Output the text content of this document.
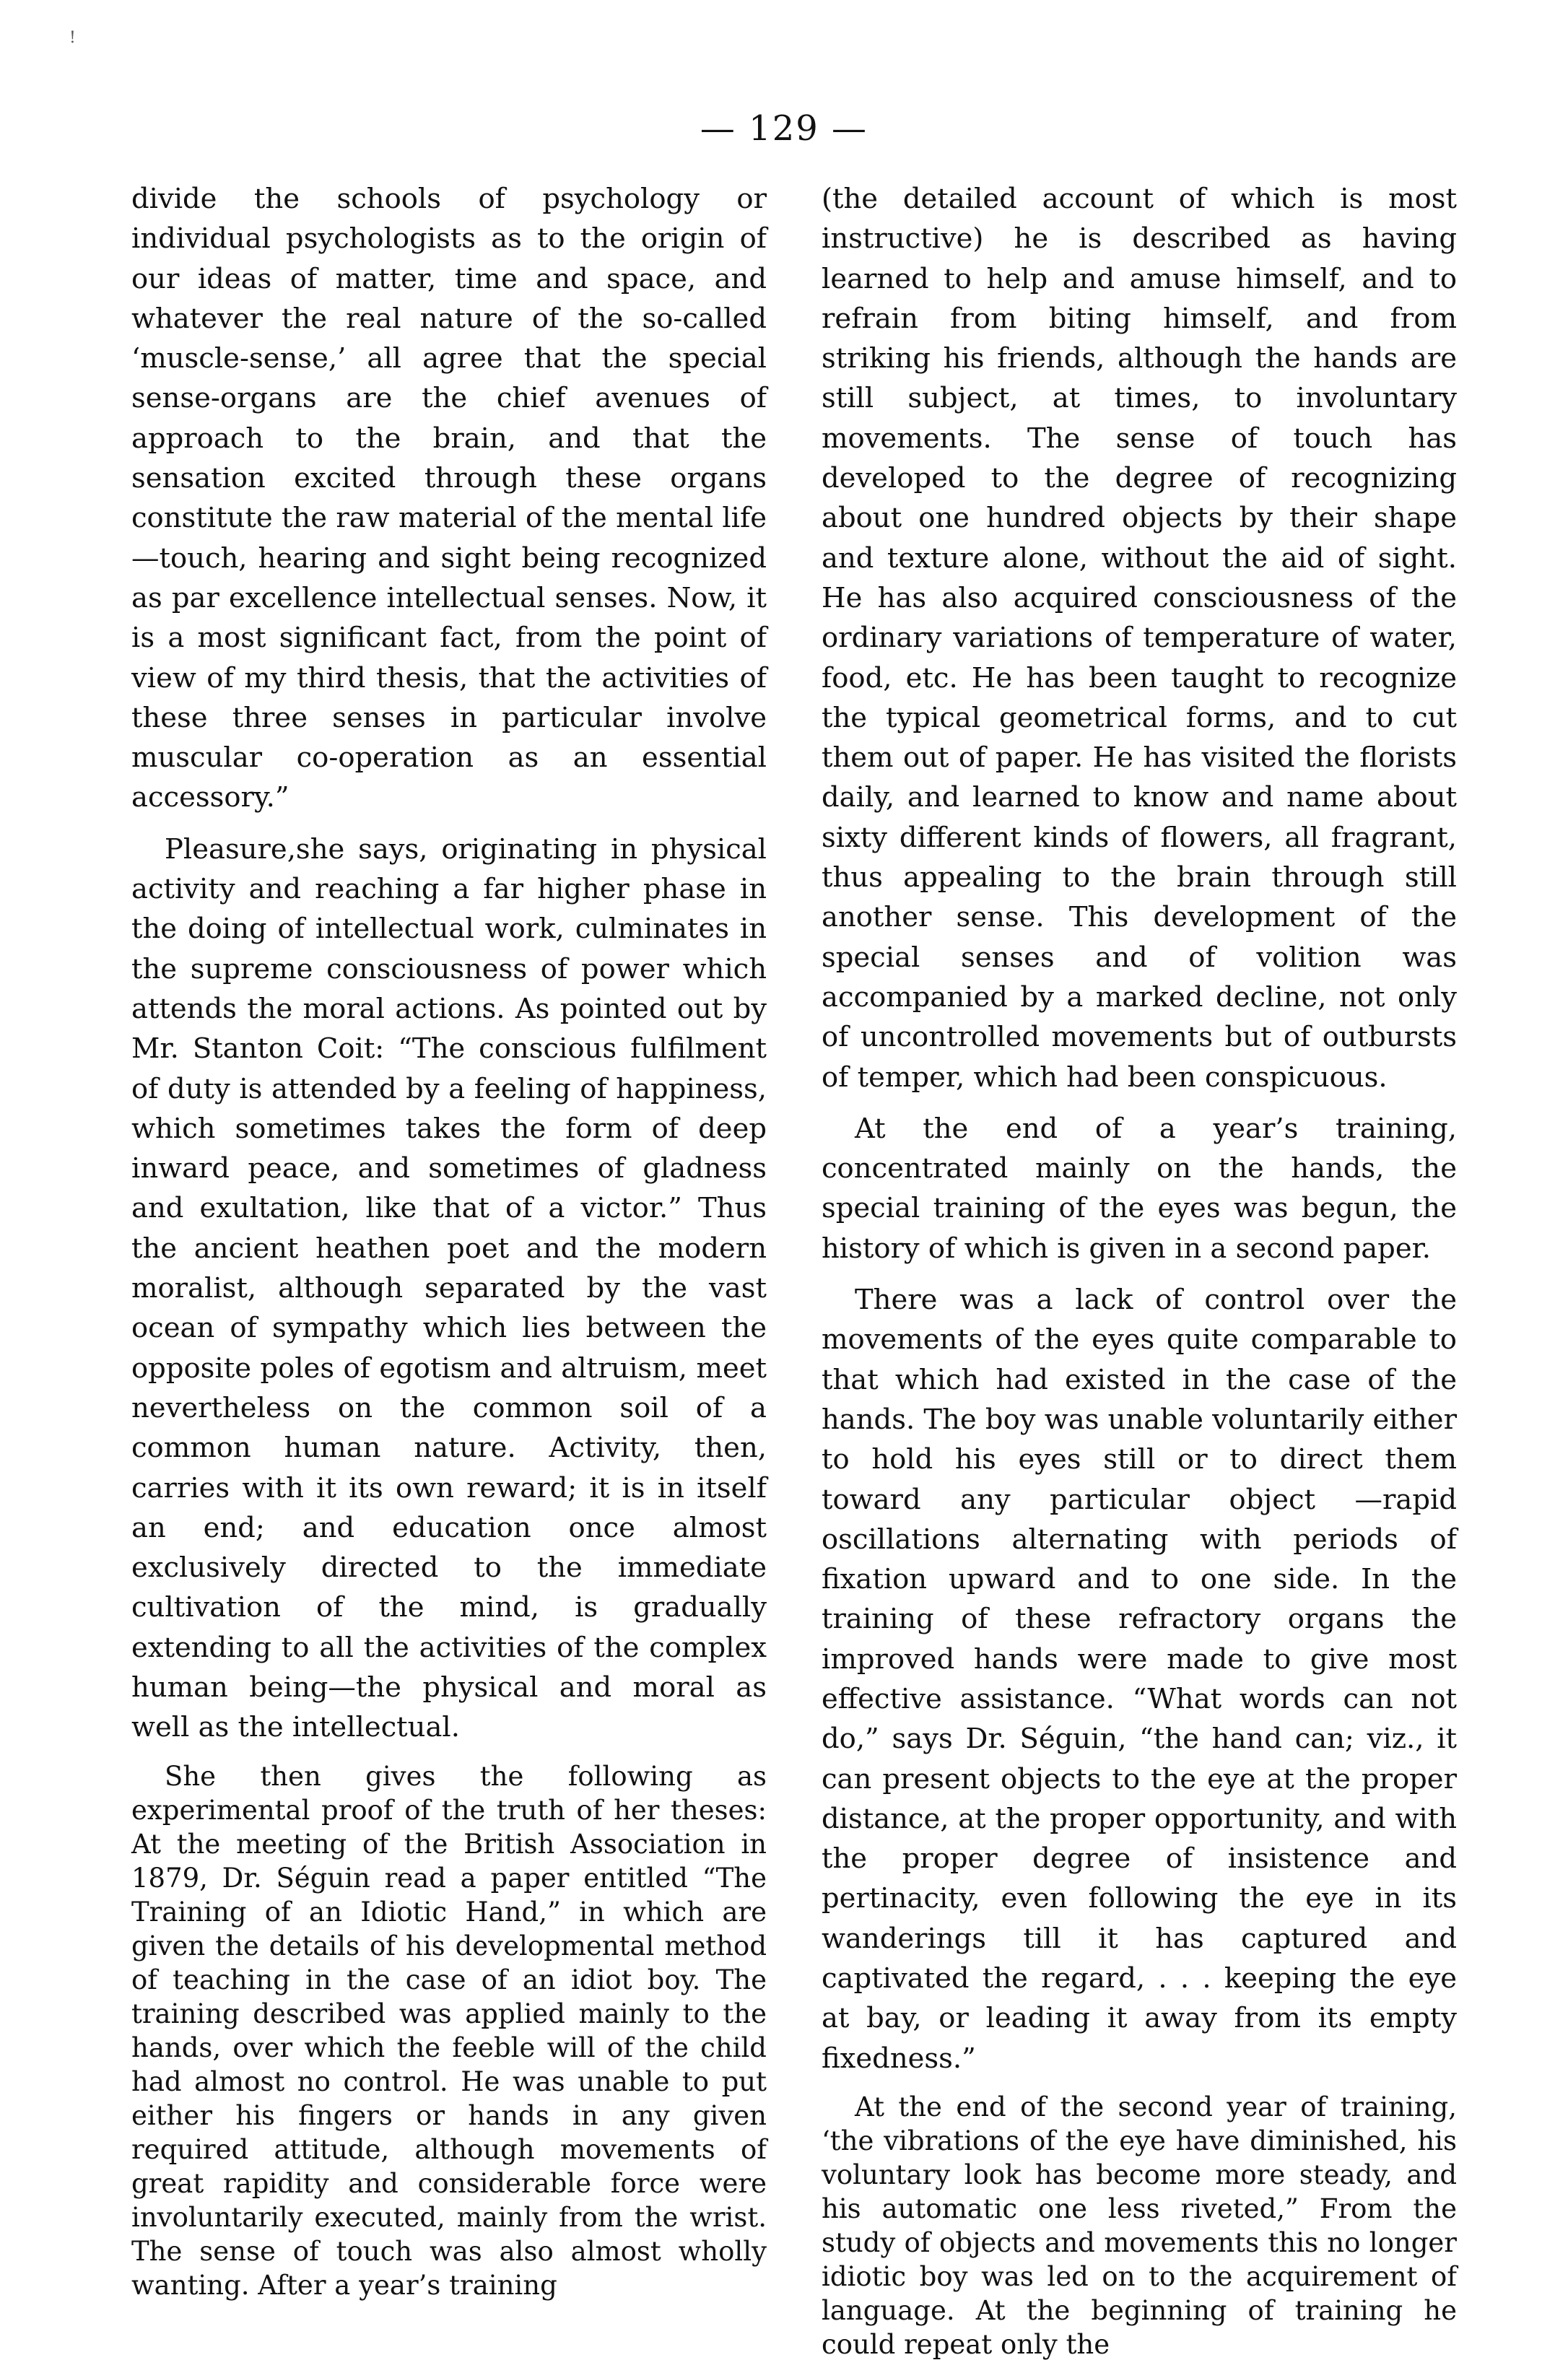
!
— 129 —

divide the schools of psychology or individual psychologists as to the origin of our ideas of matter, time and space, and whatever the real nature of the so-called ‘muscle-sense,’ all agree that the special sense-organs are the chief avenues of approach to the brain, and that the sensation excited through these organs constitute the raw material of the mental life—touch, hearing and sight being recognized as par excellence intellectual senses. Now, it is a most significant fact, from the point of view of my third thesis, that the activities of these three senses in particular involve muscular co-operation as an essential accessory.”

Pleasure,she says, originating in physical activity and reaching a far higher phase in the doing of intellectual work, culminates in the supreme consciousness of power which attends the moral actions. As pointed out by Mr. Stanton Coit: “The conscious fulfilment of duty is attended by a feeling of happiness, which sometimes takes the form of deep inward peace, and sometimes of gladness and exultation, like that of a victor.” Thus the ancient heathen poet and the modern moralist, although separated by the vast ocean of sympathy which lies between the opposite poles of egotism and altruism, meet nevertheless on the common soil of a common human nature. Activity, then, carries with it its own reward; it is in itself an end; and education once almost exclusively directed to the immediate cultivation of the mind, is gradually extending to all the activities of the complex human being—the physical and moral as well as the intellectual.

She then gives the following as experimental proof of the truth of her theses: At the meeting of the British Association in 1879, Dr. Séguin read a paper entitled “The Training of an Idiotic Hand,” in which are given the details of his developmental method of teaching in the case of an idiot boy. The training described was applied mainly to the hands, over which the feeble will of the child had almost no control. He was unable to put either his fingers or hands in any given required attitude, although movements of great rapidity and considerable force were involuntarily executed, mainly from the wrist. The sense of touch was also almost wholly wanting. After a year’s training

(the detailed account of which is most instructive) he is described as having learned to help and amuse himself, and to refrain from biting himself, and from striking his friends, although the hands are still subject, at times, to involuntary movements. The sense of touch has developed to the degree of recognizing about one hundred objects by their shape and texture alone, without the aid of sight. He has also acquired consciousness of the ordinary variations of temperature of water, food, etc. He has been taught to recognize the typical geometrical forms, and to cut them out of paper. He has visited the florists daily, and learned to know and name about sixty different kinds of flowers, all fragrant, thus appealing to the brain through still another sense. This development of the special senses and of volition was accompanied by a marked decline, not only of uncontrolled movements but of outbursts of temper, which had been conspicuous.

At the end of a year’s training, concentrated mainly on the hands, the special training of the eyes was begun, the history of which is given in a second paper.

There was a lack of control over the movements of the eyes quite comparable to that which had existed in the case of the hands. The boy was unable voluntarily either to hold his eyes still or to direct them toward any particular object —rapid oscillations alternating with periods of fixation upward and to one side. In the training of these refractory organs the improved hands were made to give most effective assistance. “What words can not do,” says Dr. Séguin, “the hand can; viz., it can present objects to the eye at the proper distance, at the proper opportunity, and with the proper degree of insistence and pertinacity, even following the eye in its wanderings till it has captured and captivated the regard, . . . keeping the eye at bay, or leading it away from its empty fixedness.”

At the end of the second year of training, ‘the vibrations of the eye have diminished, his voluntary look has become more steady, and his automatic one less riveted,” From the study of objects and movements this no longer idiotic boy was led on to the acquirement of language. At the beginning of training he could repeat only the
